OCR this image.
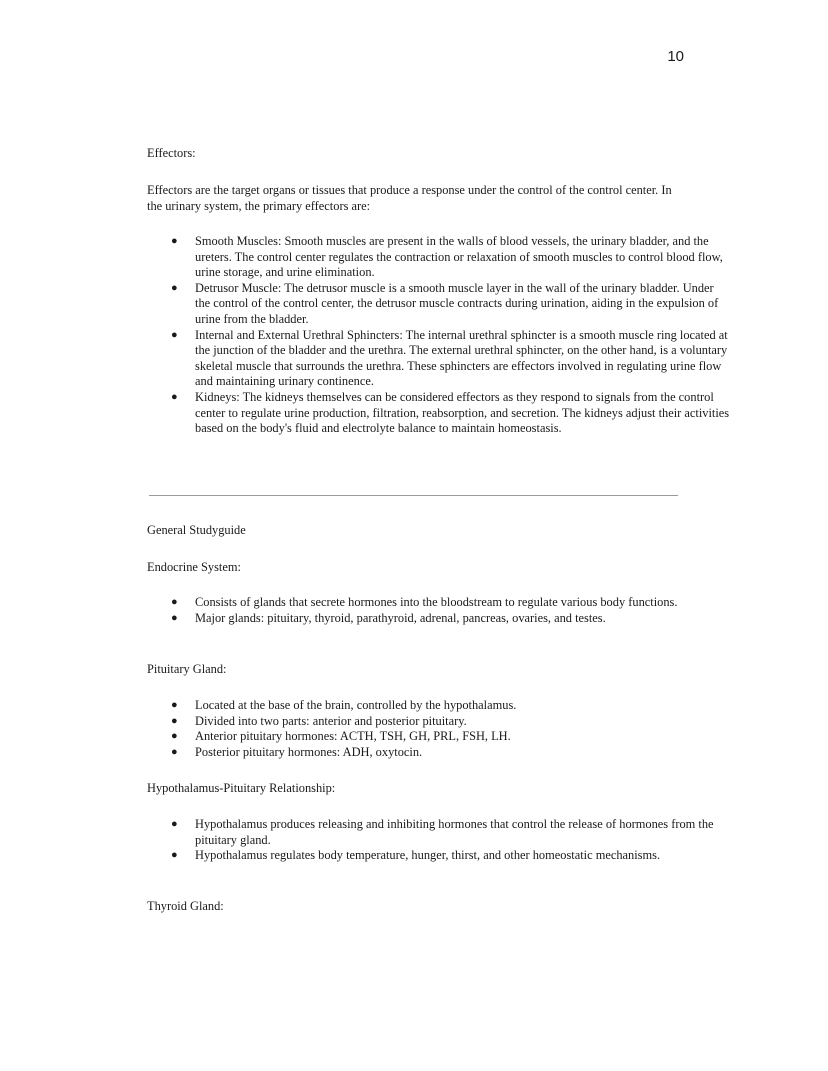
10

Effectors:

Effectors are the target organs or tissues that produce a response under the control of the control center. In the urinary system, the primary effectors are:

● Smooth Muscles: Smooth muscles are present in the walls of blood vessels, the urinary bladder, and the ureters. The control center regulates the contraction or relaxation of smooth muscles to control blood flow, urine storage, and urine elimination.
● Detrusor Muscle: The detrusor muscle is a smooth muscle layer in the wall of the urinary bladder. Under the control of the control center, the detrusor muscle contracts during urination, aiding in the expulsion of urine from the bladder.
● Internal and External Urethral Sphincters: The internal urethral sphincter is a smooth muscle ring located at the junction of the bladder and the urethra. The external urethral sphincter, on the other hand, is a voluntary skeletal muscle that surrounds the urethra. These sphincters are effectors involved in regulating urine flow and maintaining urinary continence.
● Kidneys: The kidneys themselves can be considered effectors as they respond to signals from the control center to regulate urine production, filtration, reabsorption, and secretion. The kidneys adjust their activities based on the body's fluid and electrolyte balance to maintain homeostasis.

General Studyguide

Endocrine System:

● Consists of glands that secrete hormones into the bloodstream to regulate various body functions.
● Major glands: pituitary, thyroid, parathyroid, adrenal, pancreas, ovaries, and testes.

Pituitary Gland:

● Located at the base of the brain, controlled by the hypothalamus.
● Divided into two parts: anterior and posterior pituitary.
● Anterior pituitary hormones: ACTH, TSH, GH, PRL, FSH, LH.
● Posterior pituitary hormones: ADH, oxytocin.

Hypothalamus-Pituitary Relationship:

● Hypothalamus produces releasing and inhibiting hormones that control the release of hormones from the pituitary gland.
● Hypothalamus regulates body temperature, hunger, thirst, and other homeostatic mechanisms.

Thyroid Gland:
